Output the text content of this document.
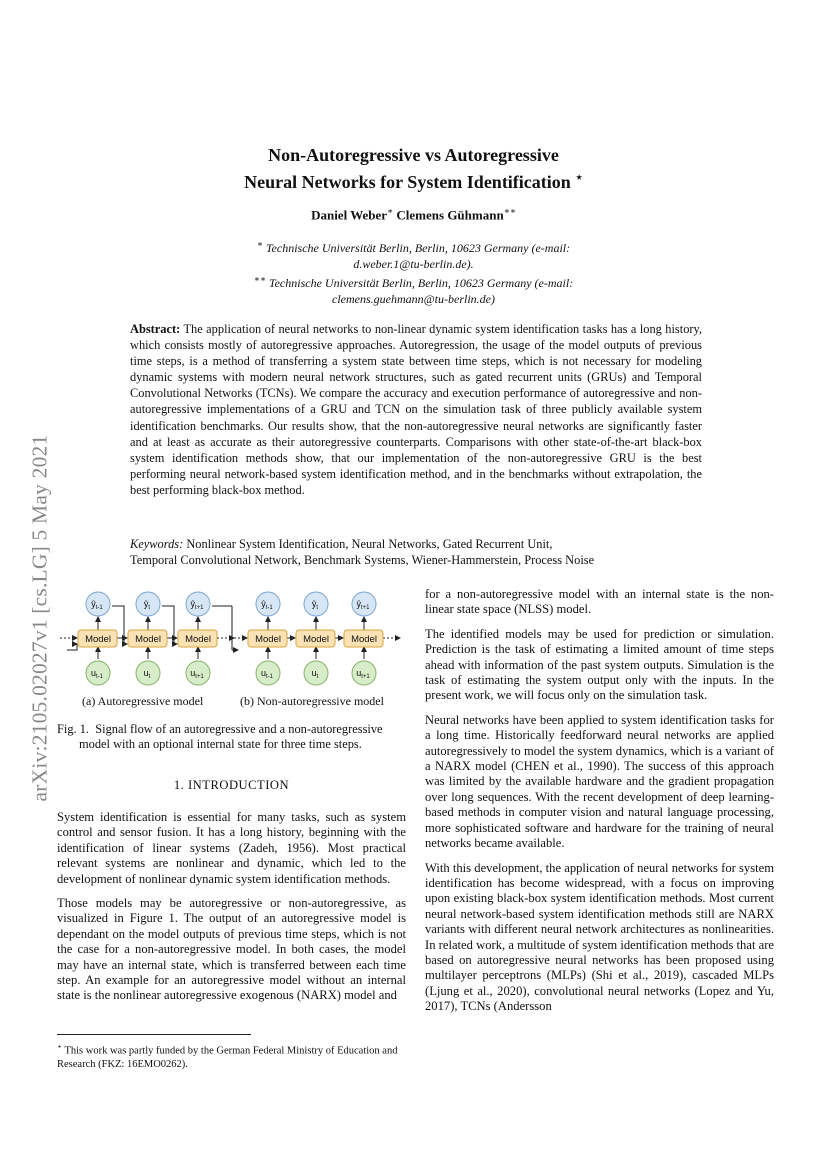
arXiv:2105.02027v1 [cs.LG] 5 May 2021
Non-Autoregressive vs Autoregressive
Neural Networks for System Identification ⋆
Daniel Weber∗ Clemens Gühmann∗∗
∗ Technische Universität Berlin, Berlin, 10623 Germany (e-mail:
d.weber.1@tu-berlin.de).
∗∗ Technische Universität Berlin, Berlin, 10623 Germany (e-mail:
clemens.guehmann@tu-berlin.de)
Abstract: The application of neural networks to non-linear dynamic system identification tasks has a long history, which consists mostly of autoregressive approaches. Autoregression, the usage of the model outputs of previous time steps, is a method of transferring a system state between time steps, which is not necessary for modeling dynamic systems with modern neural network structures, such as gated recurrent units (GRUs) and Temporal Convolutional Networks (TCNs). We compare the accuracy and execution performance of autoregressive and non-autoregressive implementations of a GRU and TCN on the simulation task of three publicly available system identification benchmarks. Our results show, that the non-autoregressive neural networks are significantly faster and at least as accurate as their autoregressive counterparts. Comparisons with other state-of-the-art black-box system identification methods show, that our implementation of the non-autoregressive GRU is the best performing neural network-based system identification method, and in the benchmarks without extrapolation, the best performing black-box method.
Keywords: Nonlinear System Identification, Neural Networks, Gated Recurrent Unit,
Temporal Convolutional Network, Benchmark Systems, Wiener-Hammerstein, Process Noise
Model
$ŷ_{t-1}$
$u_{t-1}$
Model
$ŷ_t$
$u_t$
Model
$ŷ_{t+1}$
$u_{t+1}$
Model
$ŷ_{t-1}$
$u_{t-1}$
Model
$ŷ_t$
$u_t$
Model
$ŷ_{t+1}$
$u_{t+1}$
(a) Autoregressive model	(b) Non-autoregressive model
Fig. 1. Signal flow of an autoregressive and a non-autoregressive model with an optional internal state for three time steps.
1. INTRODUCTION

System identification is essential for many tasks, such as system control and sensor fusion. It has a long history, beginning with the identification of linear systems (Zadeh, 1956). Most practical relevant systems are nonlinear and dynamic, which led to the development of nonlinear dynamic system identification methods.

Those models may be autoregressive or non-autoregressive, as visualized in Figure 1. The output of an autoregressive model is dependant on the model outputs of previous time steps, which is not the case for a non-autoregressive model. In both cases, the model may have an internal state, which is transferred between each time step. An example for an autoregressive model without an internal state is the nonlinear autoregressive exogenous (NARX) model and

⋆ This work was partly funded by the German Federal Ministry of Education and Research (FKZ: 16EMO0262).

for a non-autoregressive model with an internal state is the non-linear state space (NLSS) model.

The identified models may be used for prediction or simulation. Prediction is the task of estimating a limited amount of time steps ahead with information of the past system outputs. Simulation is the task of estimating the system output only with the inputs. In the present work, we will focus only on the simulation task.

Neural networks have been applied to system identification tasks for a long time. Historically feedforward neural networks are applied autoregressively to model the system dynamics, which is a variant of a NARX model (CHEN et al., 1990). The success of this approach was limited by the available hardware and the gradient propagation over long sequences. With the recent development of deep learning-based methods in computer vision and natural language processing, more sophisticated software and hardware for the training of neural networks became available.

With this development, the application of neural networks for system identification has become widespread, with a focus on improving upon existing black-box system identification methods. Most current neural network-based system identification methods still are NARX variants with different neural network architectures as nonlinearities. In related work, a multitude of system identification methods that are based on autoregressive neural networks has been proposed using multilayer perceptrons (MLPs) (Shi et al., 2019), cascaded MLPs (Ljung et al., 2020), convolutional neural networks (Lopez and Yu, 2017), TCNs (Andersson
